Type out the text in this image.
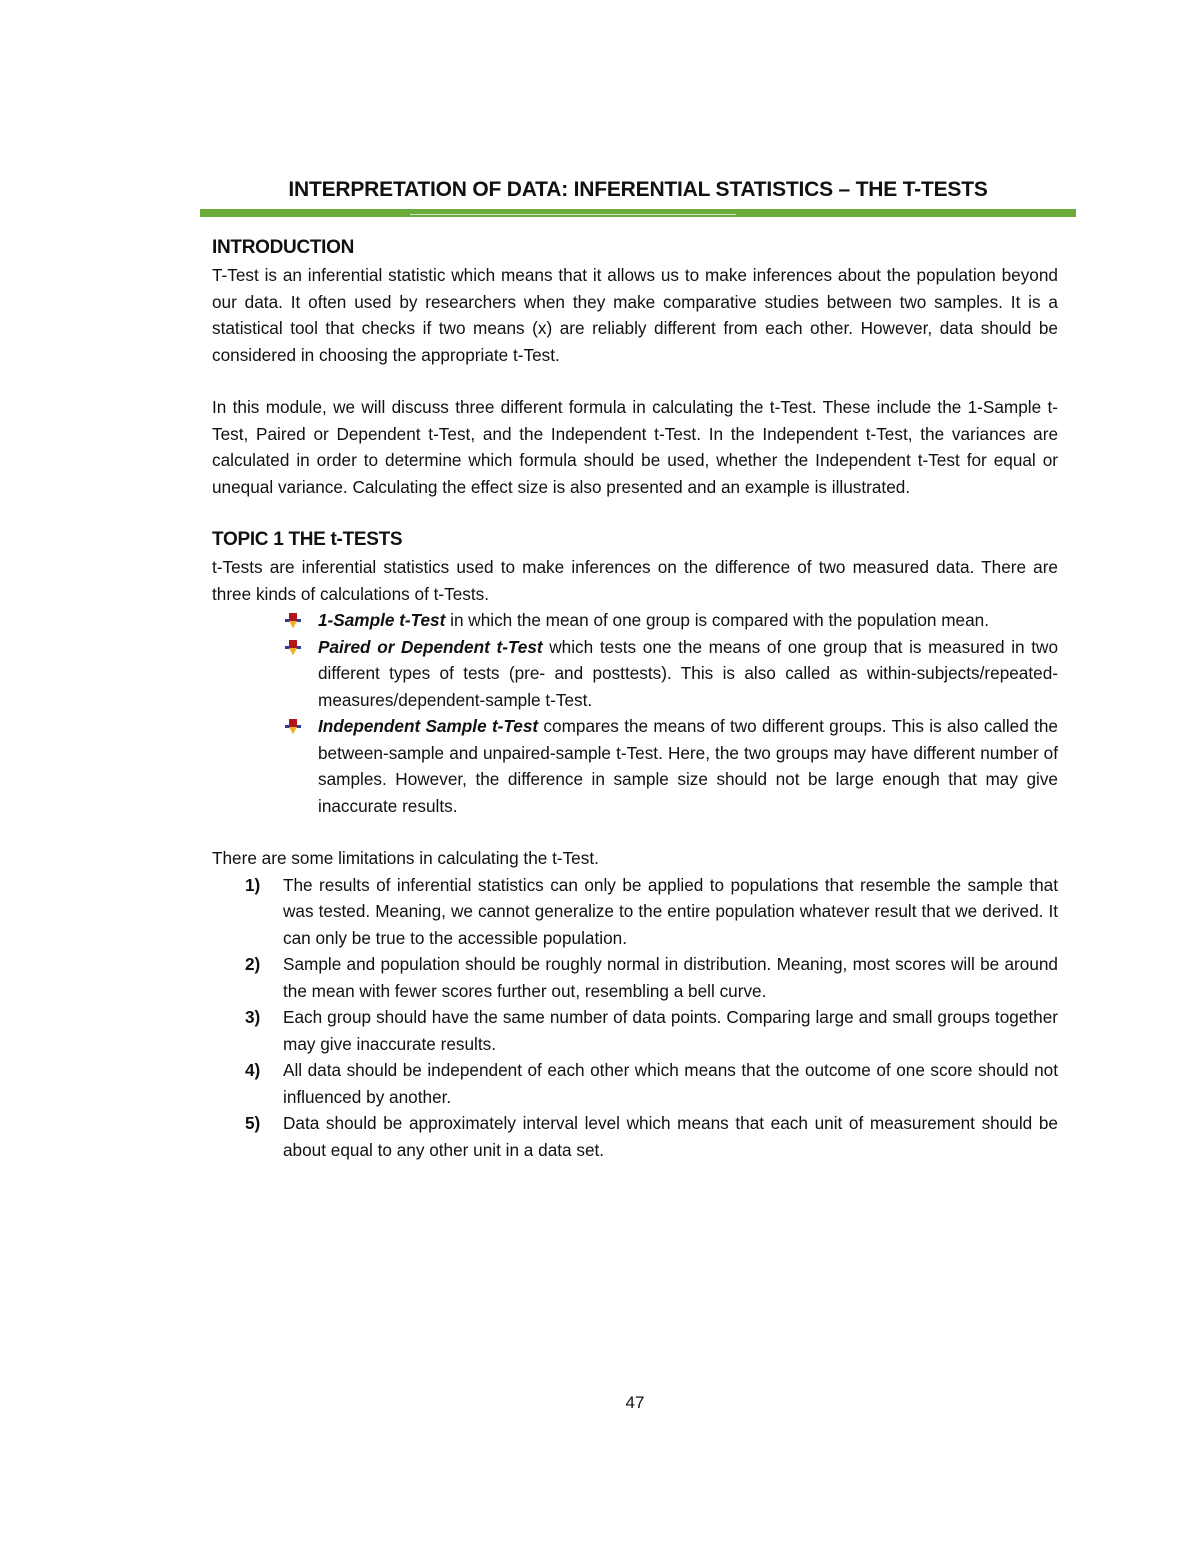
INTERPRETATION OF DATA: INFERENTIAL STATISTICS – THE T-TESTS
INTRODUCTION

T-Test is an inferential statistic which means that it allows us to make inferences about the population beyond our data. It often used by researchers when they make comparative studies between two samples. It is a statistical tool that checks if two means (x) are reliably different from each other. However, data should be considered in choosing the appropriate t-Test.

In this module, we will discuss three different formula in calculating the t-Test. These include the 1-Sample t-Test, Paired or Dependent t-Test, and the Independent t-Test. In the Independent t-Test, the variances are calculated in order to determine which formula should be used, whether the Independent t-Test for equal or unequal variance. Calculating the effect size is also presented and an example is illustrated.

TOPIC 1 THE t-TESTS

t-Tests are inferential statistics used to make inferences on the difference of two measured data. There are three kinds of calculations of t-Tests.

1-Sample t-Test in which the mean of one group is compared with the population mean.
Paired or Dependent t-Test which tests one the means of one group that is measured in two different types of tests (pre- and posttests). This is also called as within-subjects/repeated-measures/dependent-sample t-Test.
Independent Sample t-Test compares the means of two different groups. This is also called the between-sample and unpaired-sample t-Test. Here, the two groups may have different number of samples. However, the difference in sample size should not be large enough that may give inaccurate results.

There are some limitations in calculating the t-Test.

1) The results of inferential statistics can only be applied to populations that resemble the sample that was tested. Meaning, we cannot generalize to the entire population whatever result that we derived. It can only be true to the accessible population.
2) Sample and population should be roughly normal in distribution. Meaning, most scores will be around the mean with fewer scores further out, resembling a bell curve.
3) Each group should have the same number of data points. Comparing large and small groups together may give inaccurate results.
4) All data should be independent of each other which means that the outcome of one score should not influenced by another.
5) Data should be approximately interval level which means that each unit of measurement should be about equal to any other unit in a data set.
47
